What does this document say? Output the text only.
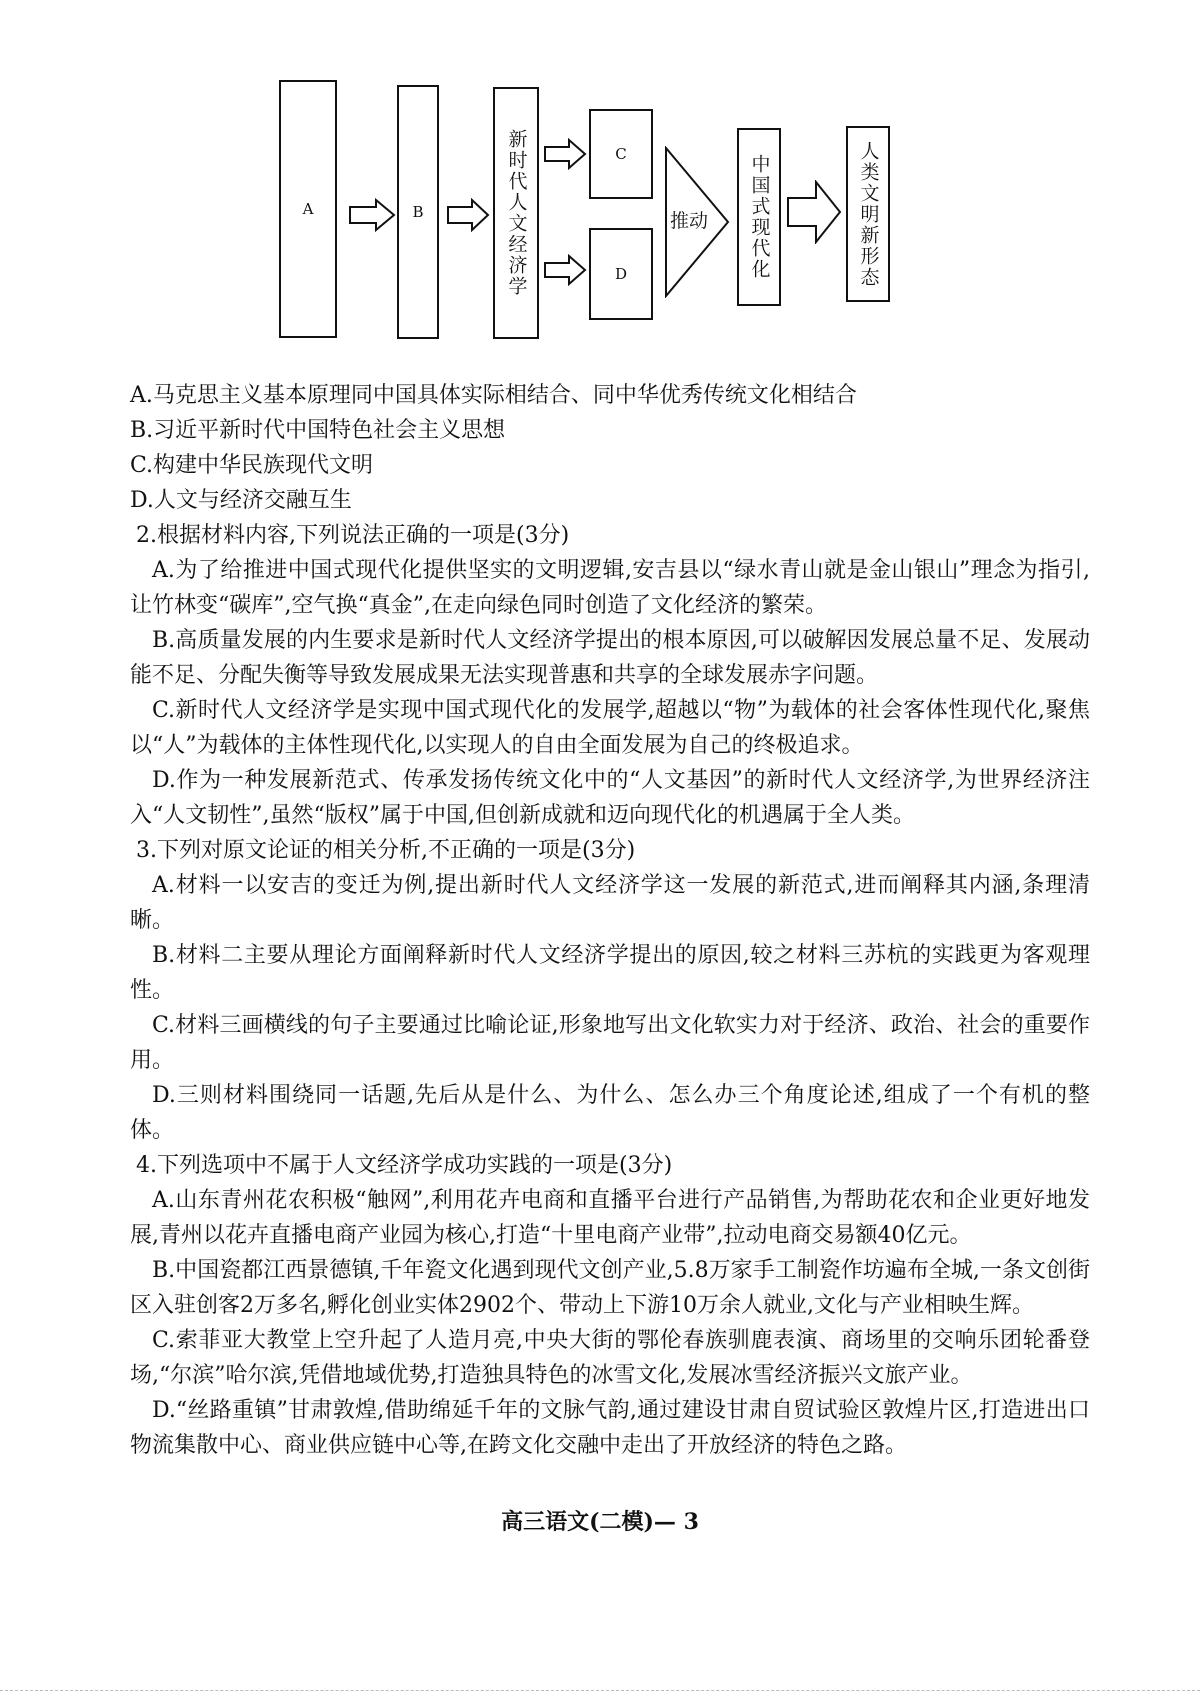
A	B	新时代人文经济学	C
D
推动 中国式现代化	人类文明新形态

A.马克思主义基本原理同中国具体实际相结合、同中华优秀传统文化相结合

B.习近平新时代中国特色社会主义思想

C.构建中华民族现代文明

D.人文与经济交融互生

2.根据材料内容,下列说法正确的一项是(3分)

A.为了给推进中国式现代化提供坚实的文明逻辑,安吉县以“绿水青山就是金山银山”理念为指引,让竹林变“碳库”,空气换“真金”,在走向绿色同时创造了文化经济的繁荣。

B.高质量发展的内生要求是新时代人文经济学提出的根本原因,可以破解因发展总量不足、发展动能不足、分配失衡等导致发展成果无法实现普惠和共享的全球发展赤字问题。

C.新时代人文经济学是实现中国式现代化的发展学,超越以“物”为载体的社会客体性现代化,聚焦以“人”为载体的主体性现代化,以实现人的自由全面发展为自己的终极追求。

D.作为一种发展新范式、传承发扬传统文化中的“人文基因”的新时代人文经济学,为世界经济注入“人文韧性”,虽然“版权”属于中国,但创新成就和迈向现代化的机遇属于全人类。

3.下列对原文论证的相关分析,不正确的一项是(3分)

A.材料一以安吉的变迁为例,提出新时代人文经济学这一发展的新范式,进而阐释其内涵,条理清晰。

B.材料二主要从理论方面阐释新时代人文经济学提出的原因,较之材料三苏杭的实践更为客观理性。

C.材料三画横线的句子主要通过比喻论证,形象地写出文化软实力对于经济、政治、社会的重要作用。

D.三则材料围绕同一话题,先后从是什么、为什么、怎么办三个角度论述,组成了一个有机的整体。

4.下列选项中不属于人文经济学成功实践的一项是(3分)

A.山东青州花农积极“触网”,利用花卉电商和直播平台进行产品销售,为帮助花农和企业更好地发展,青州以花卉直播电商产业园为核心,打造“十里电商产业带”,拉动电商交易额40亿元。

B.中国瓷都江西景德镇,千年瓷文化遇到现代文创产业,5.8万家手工制瓷作坊遍布全城,一条文创街区入驻创客2万多名,孵化创业实体2902个、带动上下游10万余人就业,文化与产业相映生辉。

C.索菲亚大教堂上空升起了人造月亮,中央大街的鄂伦春族驯鹿表演、商场里的交响乐团轮番登场,“尔滨”哈尔滨,凭借地域优势,打造独具特色的冰雪文化,发展冰雪经济振兴文旅产业。

D.“丝路重镇”甘肃敦煌,借助绵延千年的文脉气韵,通过建设甘肃自贸试验区敦煌片区,打造进出口物流集散中心、商业供应链中心等,在跨文化交融中走出了开放经济的特色之路。

高三语文(二模)— 3
